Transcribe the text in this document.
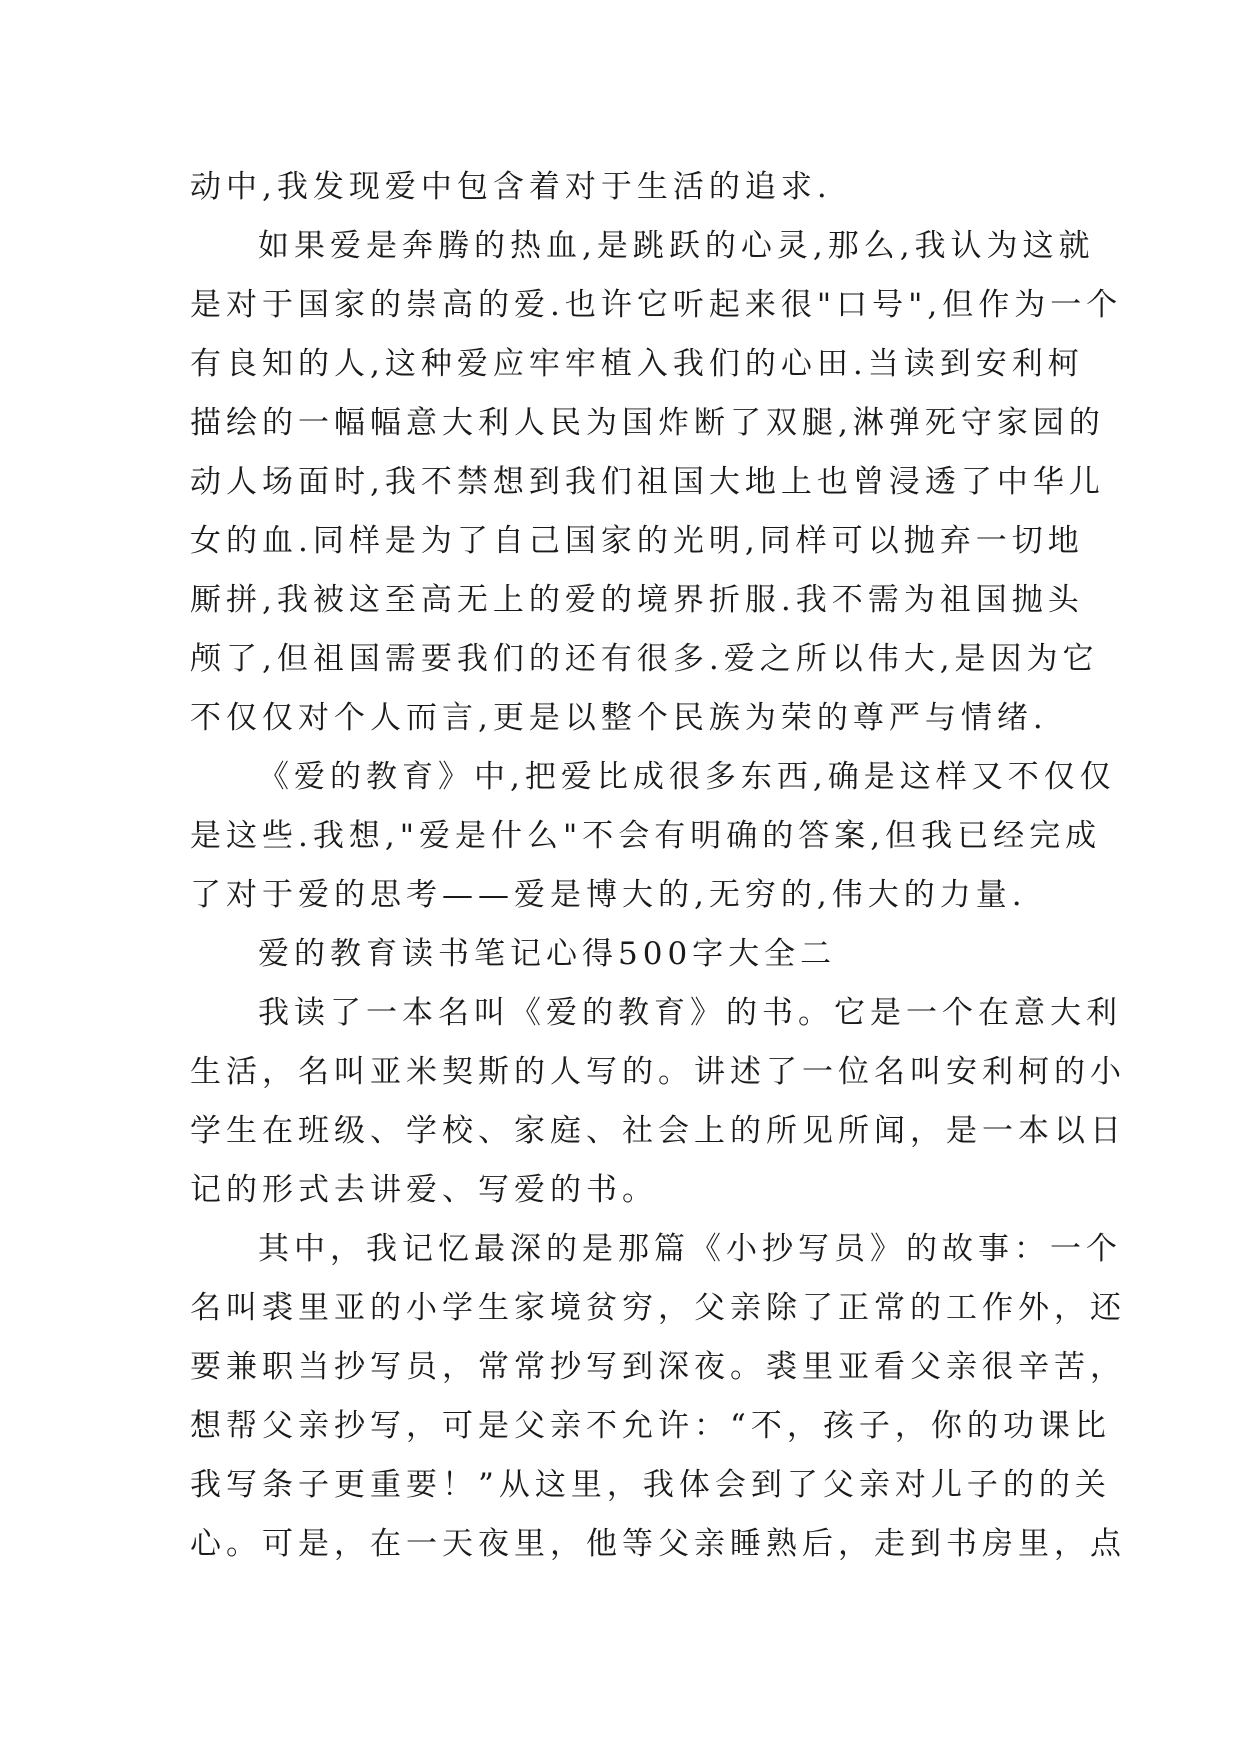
动中,我发现爱中包含着对于生活的追求.
如果爱是奔腾的热血,是跳跃的心灵,那么,我认为这就
是对于国家的崇高的爱.也许它听起来很"口号",但作为一个
有良知的人,这种爱应牢牢植入我们的心田.当读到安利柯
描绘的一幅幅意大利人民为国炸断了双腿,淋弹死守家园的
动人场面时,我不禁想到我们祖国大地上也曾浸透了中华儿
女的血.同样是为了自己国家的光明,同样可以抛弃一切地
厮拼,我被这至高无上的爱的境界折服.我不需为祖国抛头
颅了,但祖国需要我们的还有很多.爱之所以伟大,是因为它
不仅仅对个人而言,更是以整个民族为荣的尊严与情绪.
《爱的教育》中,把爱比成很多东西,确是这样又不仅仅
是这些.我想,"爱是什么"不会有明确的答案,但我已经完成
了对于爱的思考——爱是博大的,无穷的,伟大的力量.
爱的教育读书笔记心得500字大全二
我读了一本名叫《爱的教育》的书。它是一个在意大利
生活，名叫亚米契斯的人写的。讲述了一位名叫安利柯的小
学生在班级、学校、家庭、社会上的所见所闻，是一本以日
记的形式去讲爱、写爱的书。
其中，我记忆最深的是那篇《小抄写员》的故事：一个
名叫裘里亚的小学生家境贫穷，父亲除了正常的工作外，还
要兼职当抄写员，常常抄写到深夜。裘里亚看父亲很辛苦，
想帮父亲抄写，可是父亲不允许：“不，孩子，你的功课比
我写条子更重要！”从这里，我体会到了父亲对儿子的的关
心。可是，在一天夜里，他等父亲睡熟后，走到书房里，点
